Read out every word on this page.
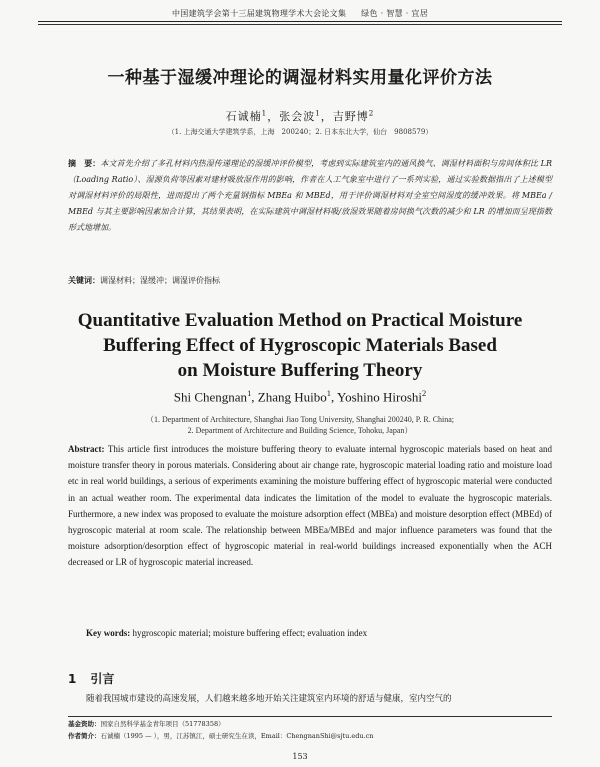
中国建筑学会第十三届建筑物理学术大会论文集 绿色 · 智慧 · 宜居
一种基于湿缓冲理论的调湿材料实用量化评价方法
石诚楠$^1$，张会波$^1$，吉野博$^2$
（1. 上海交通大学建筑学系，上海　200240；2. 日本东北大学，仙台　9808579）
摘　要：本文首先介绍了多孔材料内热湿传递理论的湿缓冲评价模型，考虑到实际建筑室内的通风换气、调湿材料面积与房间体积比 LR（Loading Ratio）、湿源负荷等因素对建材吸放湿作用的影响，作者在人工气象室中进行了一系列实验，通过实验数据指出了上述模型对调湿材料评价的局限性，进而提出了两个充量钢指标 MBEa 和 MBEd，用于评价调湿材料对全室空间湿度的缓冲效果。将 MBEa / MBEd 与其主要影响因素加合计算，其结果表明，在实际建筑中调湿材料吸/放湿效果随着房间换气次数的减少和 LR 的增加而呈现指数形式地增加。
关键词：调湿材料；湿缓冲；调湿评价指标
Quantitative Evaluation Method on Practical Moisture
Buffering Effect of Hygroscopic Materials Based
on Moisture Buffering Theory
Shi Chengnan$^1$, Zhang Huibo$^1$, Yoshino Hiroshi$^2$
（1. Department of Architecture, Shanghai Jiao Tong University, Shanghai 200240, P. R. China;
2. Department of Architecture and Building Science, Tohoku, Japan）
Abstract: This article first introduces the moisture buffering theory to evaluate internal hygroscopic materials based on heat and moisture transfer theory in porous materials. Considering about air change rate, hygroscopic material loading ratio and moisture load etc in real world buildings, a serious of experiments examining the moisture buffering effect of hygroscopic material were conducted in an actual weather room. The experimental data indicates the limitation of the model to evaluate the hygroscopic materials. Furthermore, a new index was proposed to evaluate the moisture adsorption effect (MBEa) and moisture desorption effect (MBEd) of hygroscopic material at room scale. The relationship between MBEa/MBEd and major influence parameters was found that the moisture adsorption/desorption effect of hygroscopic material in real-world buildings increased exponentially when the ACH decreased or LR of hygroscopic material increased.
Key words: hygroscopic material; moisture buffering effect; evaluation index
1 引言
随着我国城市建设的高速发展，人们越来越多地开始关注建筑室内环境的舒适与健康，室内空气的
基金资助：国家自然科学基金青年项目（51778358）
作者简介：石诚楠（1995 — ），男，江苏镇江，硕士研究生在读，Email：ChengnanShi@sjtu.edu.cn
153
